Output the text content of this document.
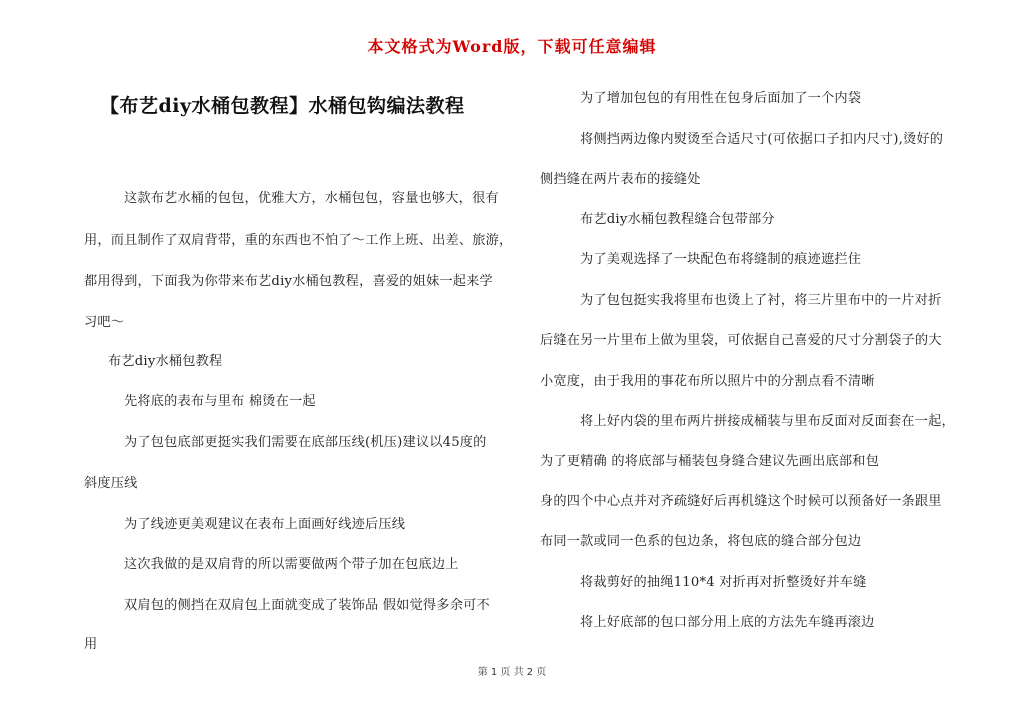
本文格式为Word版，下载可任意编辑
【布艺diy水桶包教程】水桶包钩编法教程
这款布艺水桶的包包，优雅大方，水桶包包，容量也够大，很有
用，而且制作了双肩背带，重的东西也不怕了～工作上班、出差、旅游，
都用得到，下面我为你带来布艺diy水桶包教程，喜爱的姐妹一起来学
习吧～
布艺diy水桶包教程
先将底的表布与里布 棉烫在一起
为了包包底部更挺实我们需要在底部压线(机压)建议以45度的
斜度压线
为了线迹更美观建议在表布上面画好线迹后压线
这次我做的是双肩背的所以需要做两个带子加在包底边上
双肩包的侧挡在双肩包上面就变成了装饰品 假如觉得多余可不
用
为了增加包包的有用性在包身后面加了一个内袋
将侧挡两边像内熨烫至合适尺寸(可依据口子扣内尺寸),烫好的
侧挡缝在两片表布的接缝处
布艺diy水桶包教程缝合包带部分
为了美观选择了一块配色布将缝制的痕迹遮拦住
为了包包挺实我将里布也烫上了衬，将三片里布中的一片对折
后缝在另一片里布上做为里袋，可依据自己喜爱的尺寸分割袋子的大
小宽度，由于我用的事花布所以照片中的分割点看不清晰
将上好内袋的里布两片拼接成桶装与里布反面对反面套在一起，
为了更精确 的将底部与桶装包身缝合建议先画出底部和包
身的四个中心点并对齐疏缝好后再机缝这个时候可以预备好一条跟里
布同一款或同一色系的包边条，将包底的缝合部分包边
将裁剪好的抽绳110*4 对折再对折整烫好并车缝
将上好底部的包口部分用上底的方法先车缝再滚边
第 1 页 共 2 页
